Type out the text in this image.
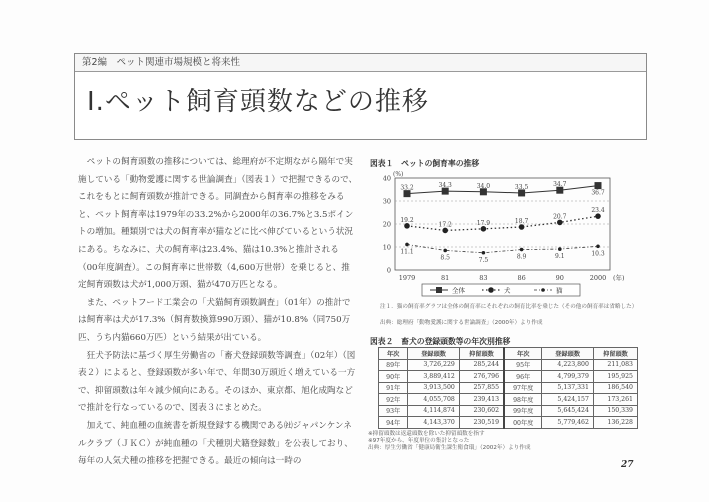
第2編　ペット関連市場規模と将来性
Ⅰ.ペット飼育頭数などの推移

ペットの飼育頭数の推移については、総理府が不定期ながら隔年で実施している「動物愛護に関する世論調査」（図表１）で把握できるので、これをもとに飼育頭数が推計できる。同調査から飼育率の推移をみると、ペット飼育率は1979年の33.2%から2000年の36.7%と3.5ポイントの増加。種類別では犬の飼育率が猫などに比べ伸びているという状況にある。ちなみに、犬の飼育率は23.4%、猫は10.3%と推計される（00年度調査）。この飼育率に世帯数（4,600万世帯）を乗じると、推定飼育頭数は犬が1,000万頭、猫が470万匹となる。

また、ペットフード工業会の「犬猫飼育頭数調査」（01年）の推計では飼育率は犬が17.3%（飼育数換算990万頭）、猫が10.8%（同750万匹、うち内猫660万匹）という結果が出ている。

狂犬予防法に基づく厚生労働省の「畜犬登録頭数等調査」（02年）（図表２）によると、登録頭数が多い年で、年間30万頭近く増えている一方で、抑留頭数は年々減少傾向にある。そのほか、東京都、旭化成陶などで推計を行なっているので、図表３にまとめた。

加えて、純血種の血統書を新規登録する機関である㈳ジャパンケンネルクラブ（ＪＫＣ）が純血種の「犬種別犬籍登録数」を公表しており、毎年の人気犬種の推移を把握できる。最近の傾向は一時の

図表１　ペットの飼育率の推移
0
10
20
30
40 (%)
1979	81	83	86	90	2000 (年)
33.2	34.3	34.0	33.5	34.7
36.7
19.2
17.2	17.9	18.7
20.7
23.4
11.1
8.5	7.5	8.9	9.1	10.3
全体	犬	猫
注１．猫の飼育率グラフは全体の飼育率にそれぞれの飼育比率を乗じた（その他の飼育率は省略した）
出典：総理府「動物愛護に関する世論調査」（2000年）より作成
図表２　畜犬の登録頭数等の年次別推移
年次	登録頭数	抑留頭数	年次	登録頭数	抑留頭数
89年	3,726,229	285,244	95年	4,223,800	211,083
90年	3,889,412	276,796	96年	4,799,379	195,925
91年	3,913,500	257,855	97年度	5,137,331	186,540
92年	4,055,708	239,413	98年度	5,424,157	173,261
93年	4,114,874	230,602	99年度	5,645,424	150,339
94年	4,143,370	230,519	00年度	5,779,462	136,228
※抑留頭数は返還頭数を除いた抑留頭数を指す
※97年度から、年度単位の集計となった
出典：厚生労働省「健康局衛生課生衛食環」（2002年）より作成
27
